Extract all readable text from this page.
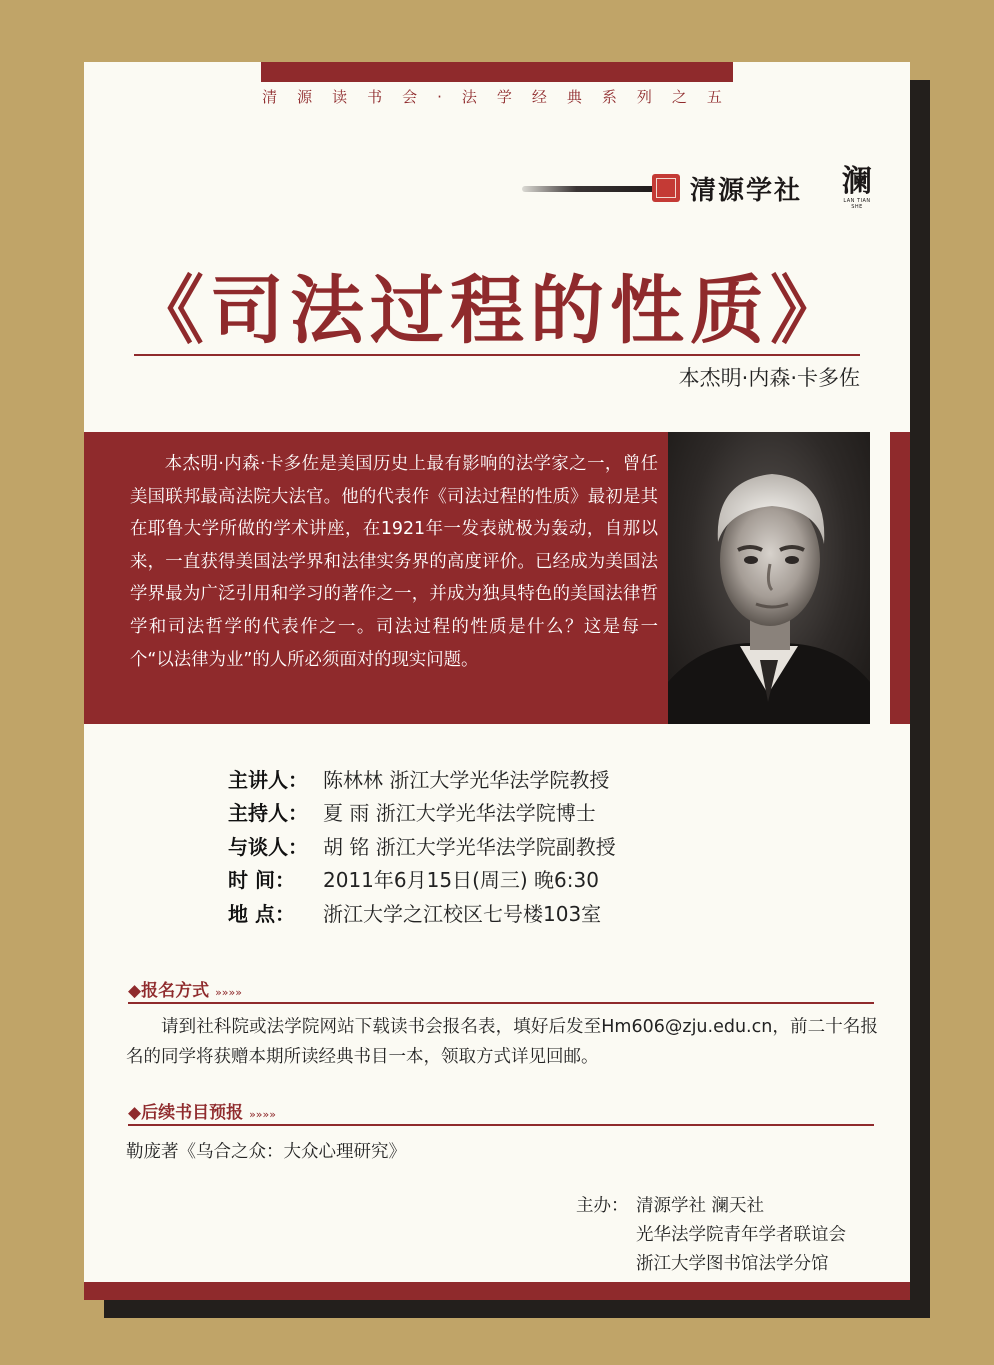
清源读书会·法学经典系列之五
清源学社 澜
LAN TIAN SHE
《司法过程的性质》
本杰明·内森·卡多佐

本杰明·内森·卡多佐是美国历史上最有影响的法学家之一，曾任美国联邦最高法院大法官。他的代表作《司法过程的性质》最初是其在耶鲁大学所做的学术讲座，在1921年一发表就极为轰动，自那以来，一直获得美国法学界和法律实务界的高度评价。已经成为美国法学界最为广泛引用和学习的著作之一，并成为独具特色的美国法律哲学和司法哲学的代表作之一。司法过程的性质是什么？这是每一个“以法律为业”的人所必须面对的现实问题。

主讲人： 陈林林 浙江大学光华法学院教授
主持人： 夏 雨 浙江大学光华法学院博士
与谈人： 胡 铭 浙江大学光华法学院副教授
时 间： 2011年6月15日(周三) 晚6:30
地 点： 浙江大学之江校区七号楼103室
◆报名方式 »»»»

请到社科院或法学院网站下载读书会报名表，填好后发至Hm606@zju.edu.cn，前二十名报名的同学将获赠本期所读经典书目一本，领取方式详见回邮。

◆后续书目预报 »»»»

勒庞著《乌合之众：大众心理研究》

主办： 清源学社 澜天社
光华法学院青年学者联谊会
浙江大学图书馆法学分馆
